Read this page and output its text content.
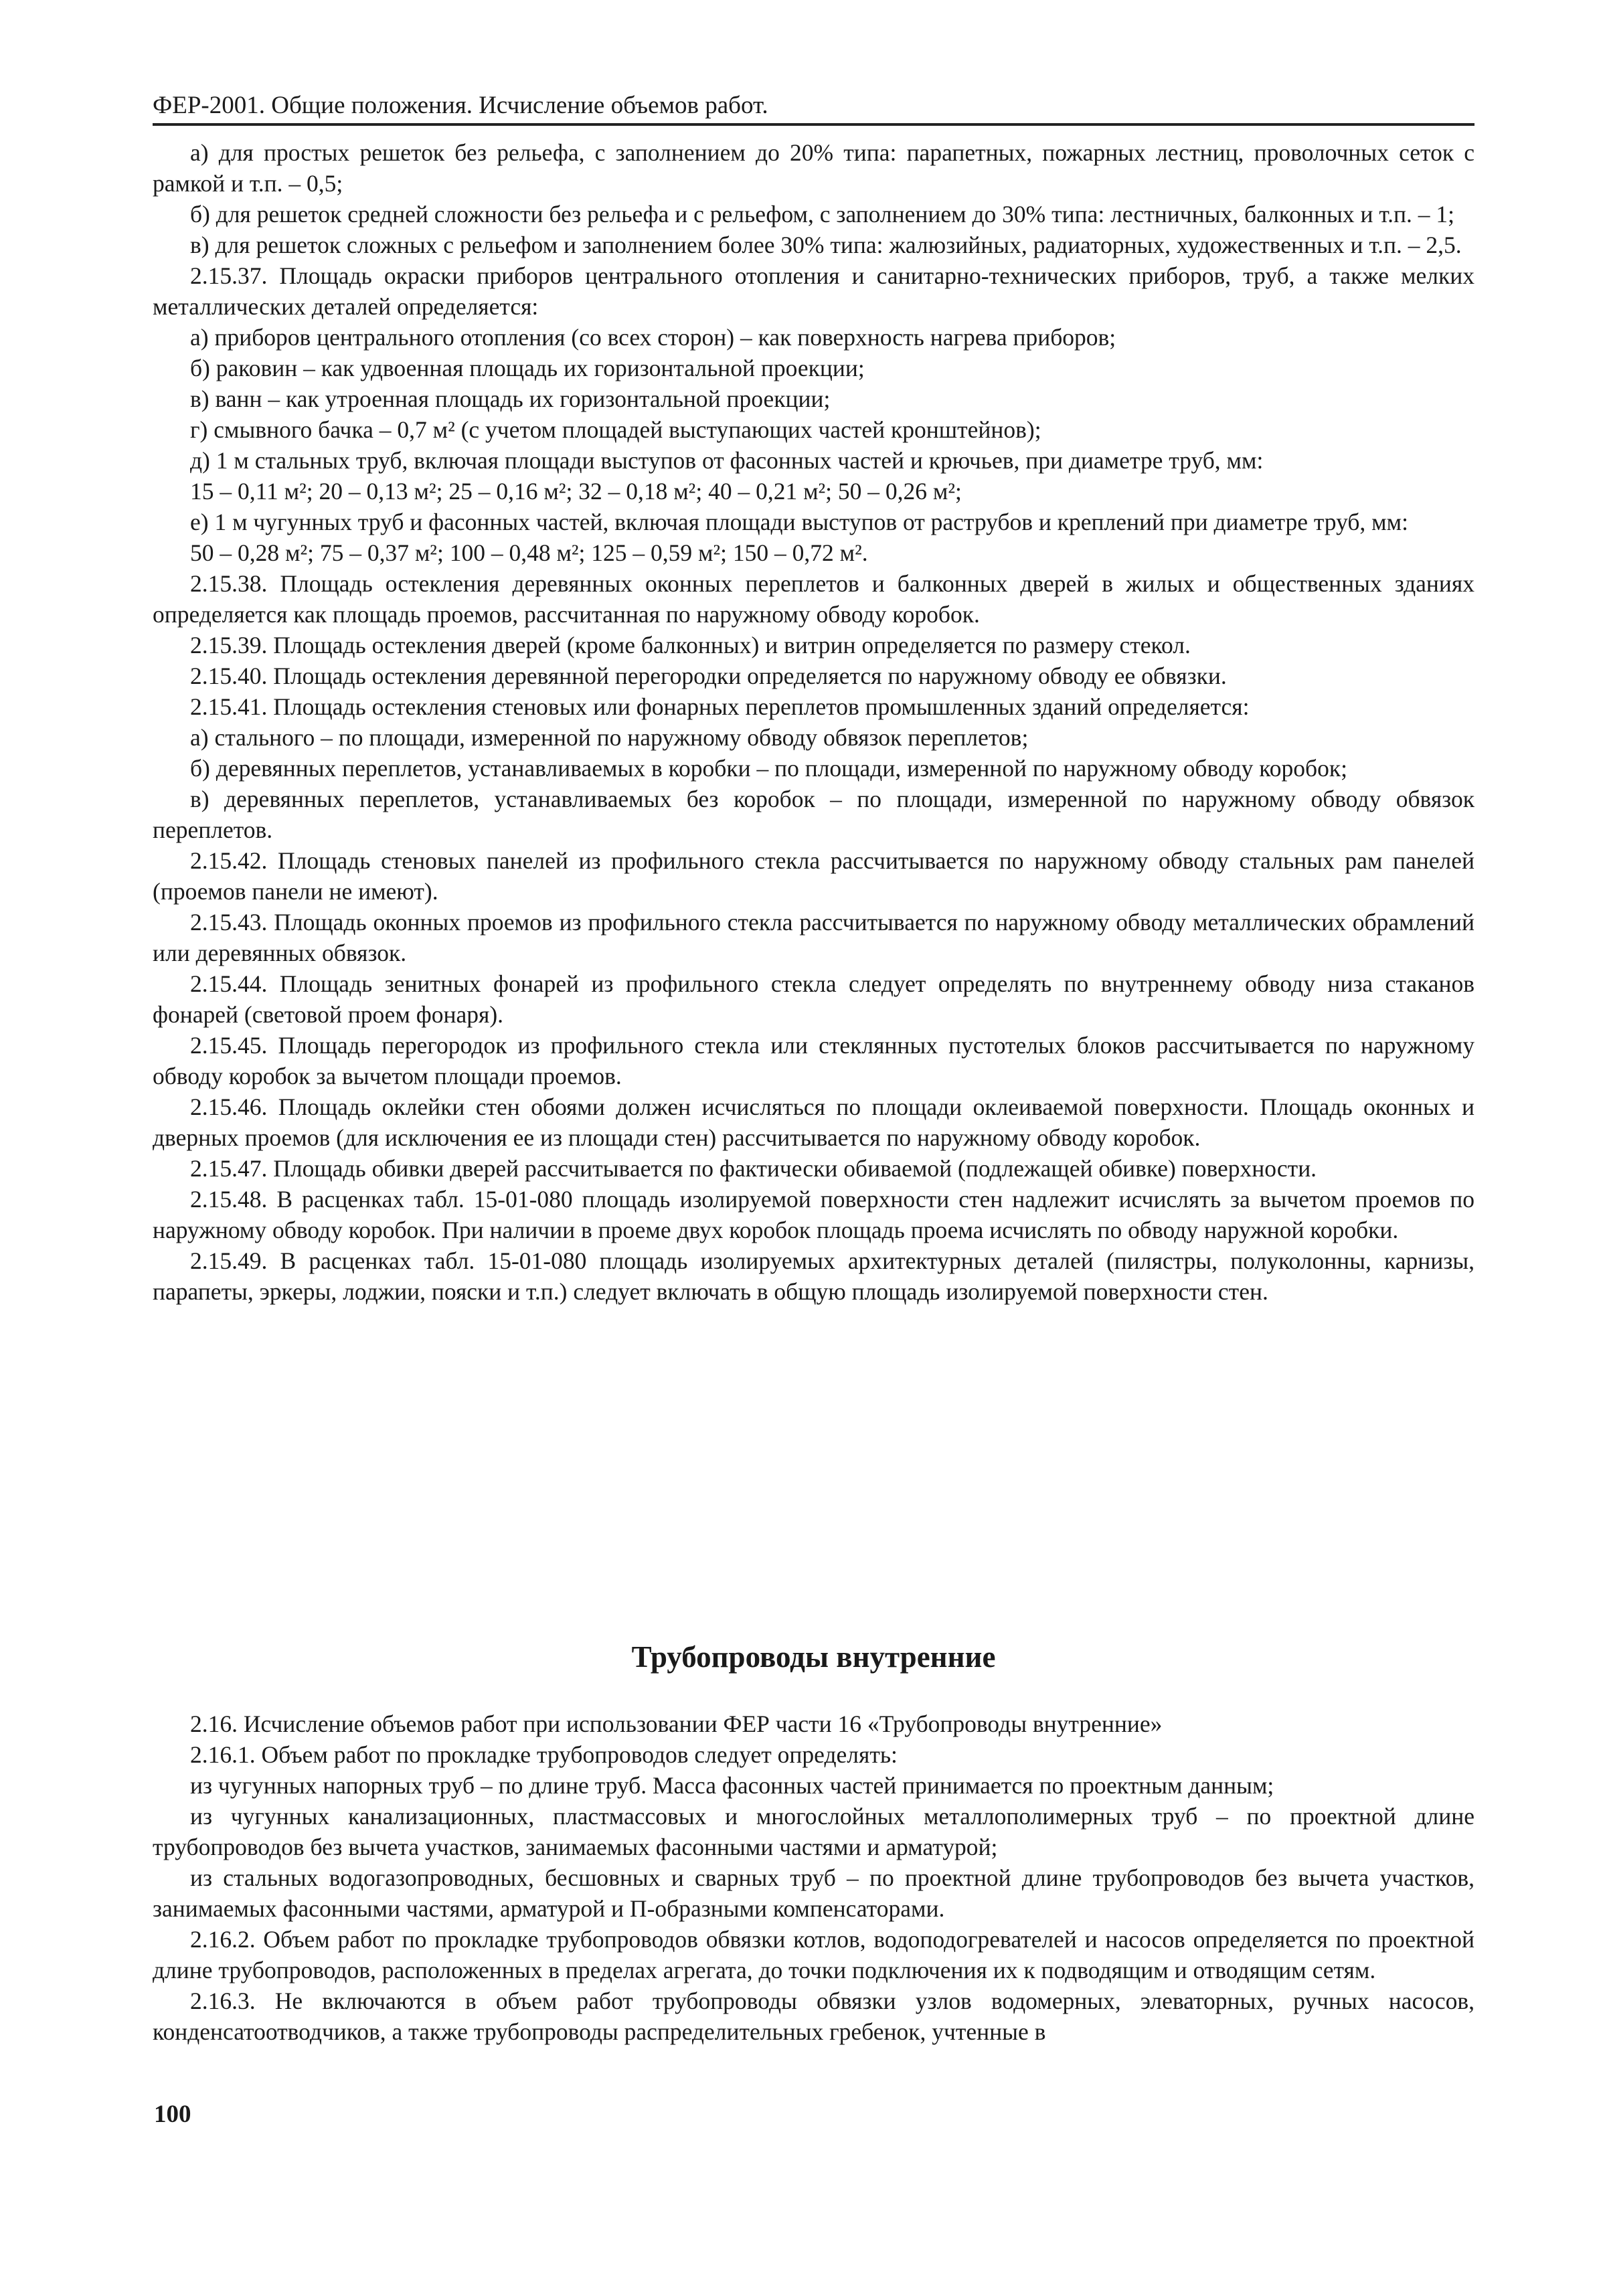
ФЕР-2001. Общие положения. Исчисление объемов работ.

а) для простых решеток без рельефа, с заполнением до 20% типа: парапетных, пожарных лестниц, проволочных сеток с рамкой и т.п. – 0,5;

б) для решеток средней сложности без рельефа и с рельефом, с заполнением до 30% типа: лестничных, балконных и т.п. – 1;

в) для решеток сложных с рельефом и заполнением более 30% типа: жалюзийных, радиаторных, художественных и т.п. – 2,5.

2.15.37. Площадь окраски приборов центрального отопления и санитарно-технических приборов, труб, а также мелких металлических деталей определяется:

а) приборов центрального отопления (со всех сторон) – как поверхность нагрева приборов;

б) раковин – как удвоенная площадь их горизонтальной проекции;

в) ванн – как утроенная площадь их горизонтальной проекции;

г) смывного бачка – 0,7 м² (с учетом площадей выступающих частей кронштейнов);

д) 1 м стальных труб, включая площади выступов от фасонных частей и крючьев, при диаметре труб, мм:

15 – 0,11 м²; 20 – 0,13 м²; 25 – 0,16 м²; 32 – 0,18 м²; 40 – 0,21 м²; 50 – 0,26 м²;

е) 1 м чугунных труб и фасонных частей, включая площади выступов от раструбов и креплений при диаметре труб, мм:

50 – 0,28 м²; 75 – 0,37 м²; 100 – 0,48 м²; 125 – 0,59 м²; 150 – 0,72 м².

2.15.38. Площадь остекления деревянных оконных переплетов и балконных дверей в жилых и общественных зданиях определяется как площадь проемов, рассчитанная по наружному обводу коробок.

2.15.39. Площадь остекления дверей (кроме балконных) и витрин определяется по размеру стекол.

2.15.40. Площадь остекления деревянной перегородки определяется по наружному обводу ее обвязки.

2.15.41. Площадь остекления стеновых или фонарных переплетов промышленных зданий определяется:

а) стального – по площади, измеренной по наружному обводу обвязок переплетов;

б) деревянных переплетов, устанавливаемых в коробки – по площади, измеренной по наружному обводу коробок;

в) деревянных переплетов, устанавливаемых без коробок – по площади, измеренной по наружному обводу обвязок переплетов.

2.15.42. Площадь стеновых панелей из профильного стекла рассчитывается по наружному обводу стальных рам панелей (проемов панели не имеют).

2.15.43. Площадь оконных проемов из профильного стекла рассчитывается по наружному обводу металлических обрамлений или деревянных обвязок.

2.15.44. Площадь зенитных фонарей из профильного стекла следует определять по внутреннему обводу низа стаканов фонарей (световой проем фонаря).

2.15.45. Площадь перегородок из профильного стекла или стеклянных пустотелых блоков рассчитывается по наружному обводу коробок за вычетом площади проемов.

2.15.46. Площадь оклейки стен обоями должен исчисляться по площади оклеиваемой поверхности. Площадь оконных и дверных проемов (для исключения ее из площади стен) рассчитывается по наружному обводу коробок.

2.15.47. Площадь обивки дверей рассчитывается по фактически обиваемой (подлежащей обивке) поверхности.

2.15.48. В расценках табл. 15-01-080 площадь изолируемой поверхности стен надлежит исчислять за вычетом проемов по наружному обводу коробок. При наличии в проеме двух коробок площадь проема исчислять по обводу наружной коробки.

2.15.49. В расценках табл. 15-01-080 площадь изолируемых архитектурных деталей (пилястры, полуколонны, карнизы, парапеты, эркеры, лоджии, пояски и т.п.) следует включать в общую площадь изолируемой поверхности стен.

Трубопроводы внутренние

2.16. Исчисление объемов работ при использовании ФЕР части 16 «Трубопроводы внутренние»

2.16.1. Объем работ по прокладке трубопроводов следует определять:

из чугунных напорных труб – по длине труб. Масса фасонных частей принимается по проектным данным;

из чугунных канализационных, пластмассовых и многослойных металлополимерных труб – по проектной длине трубопроводов без вычета участков, занимаемых фасонными частями и арматурой;

из стальных водогазопроводных, бесшовных и сварных труб – по проектной длине трубопроводов без вычета участков, занимаемых фасонными частями, арматурой и П-образными компенсаторами.

2.16.2. Объем работ по прокладке трубопроводов обвязки котлов, водоподогревателей и насосов определяется по проектной длине трубопроводов, расположенных в пределах агрегата, до точки подключения их к подводящим и отводящим сетям.

2.16.3. Не включаются в объем работ трубопроводы обвязки узлов водомерных, элеваторных, ручных насосов, конденсатоотводчиков, а также трубопроводы распределительных гребенок, учтенные в

100
